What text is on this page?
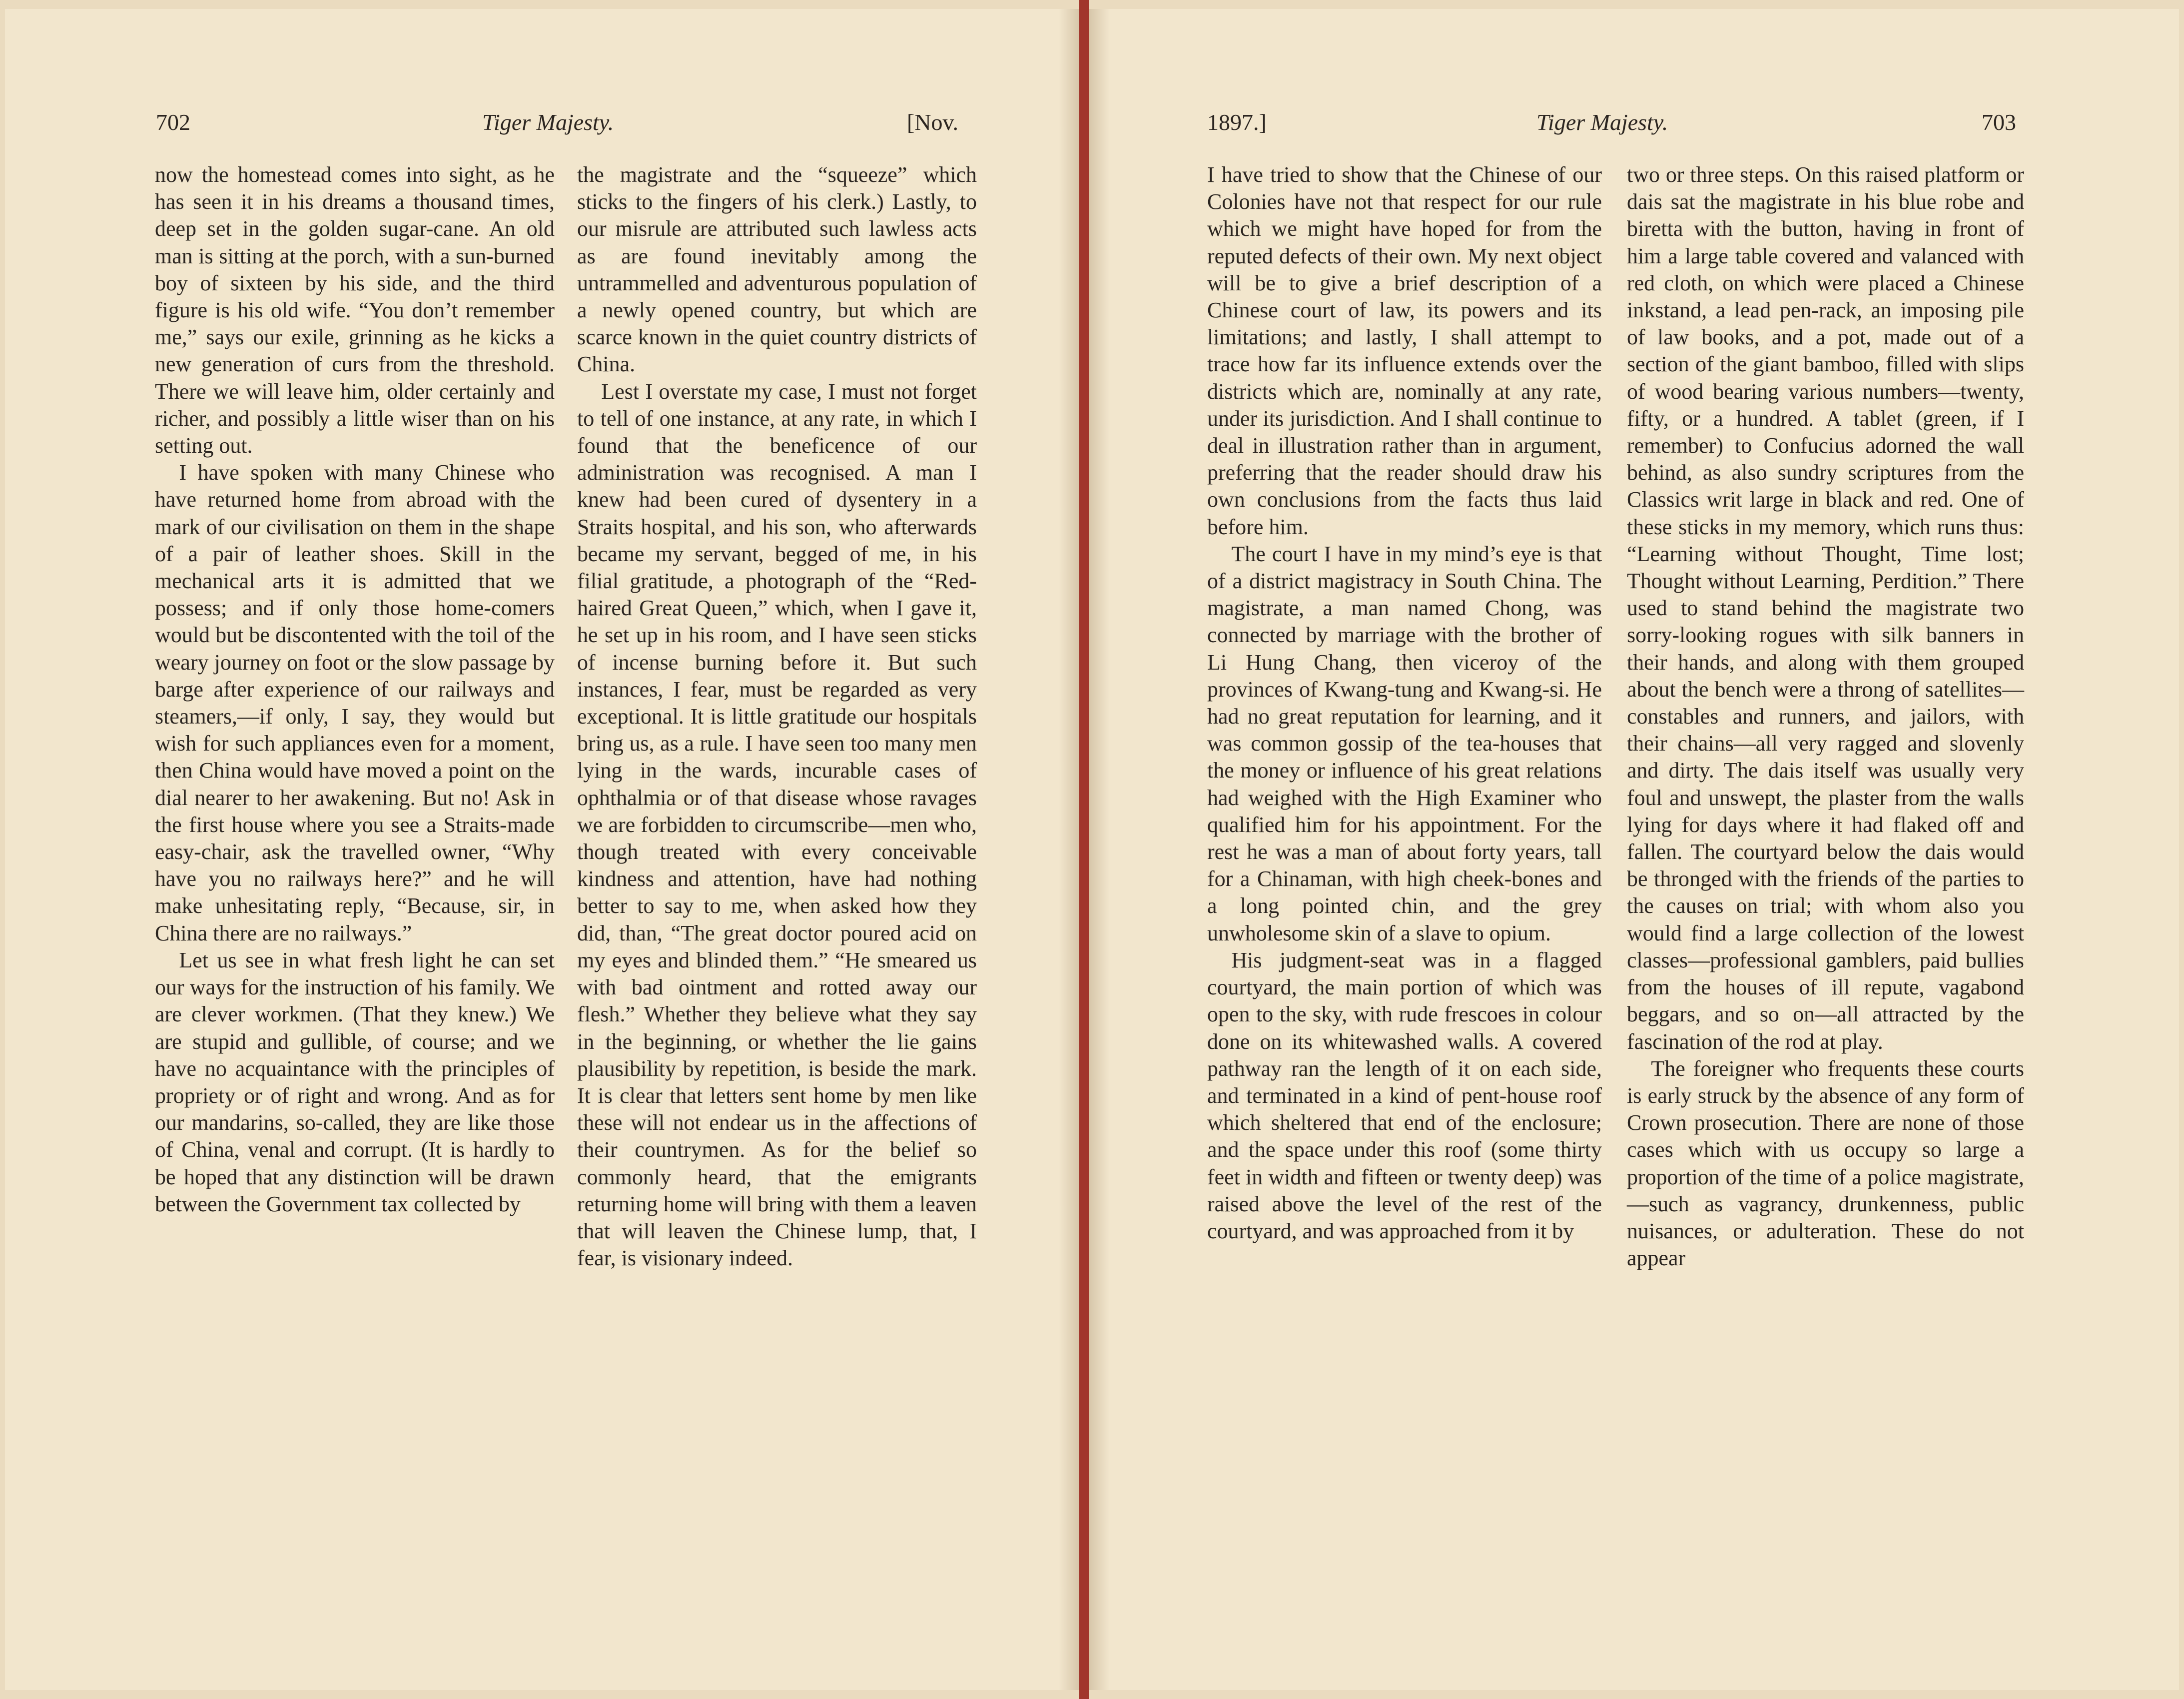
702	Tiger Majesty.	[Nov.

now the homestead comes into sight, as he has seen it in his dreams a thousand times, deep set in the golden sugar-cane. An old man is sitting at the porch, with a sun-burned boy of sixteen by his side, and the third figure is his old wife. “You don’t remember me,” says our exile, grinning as he kicks a new generation of curs from the threshold. There we will leave him, older certainly and richer, and possibly a little wiser than on his setting out.

I have spoken with many Chinese who have returned home from abroad with the mark of our civilisation on them in the shape of a pair of leather shoes. Skill in the mechanical arts it is admitted that we possess; and if only those home-comers would but be discontented with the toil of the weary journey on foot or the slow passage by barge after experience of our railways and steamers,—if only, I say, they would but wish for such appliances even for a moment, then China would have moved a point on the dial nearer to her awakening. But no! Ask in the first house where you see a Straits-made easy-chair, ask the travelled owner, “Why have you no railways here?” and he will make unhesitating reply, “Because, sir, in China there are no railways.”

Let us see in what fresh light he can set our ways for the instruction of his family. We are clever workmen. (That they knew.) We are stupid and gullible, of course; and we have no acquaintance with the principles of propriety or of right and wrong. And as for our mandarins, so-called, they are like those of China, venal and corrupt. (It is hardly to be hoped that any distinction will be drawn between the Government tax collected by

the magistrate and the “squeeze” which sticks to the fingers of his clerk.) Lastly, to our misrule are attributed such lawless acts as are found inevitably among the untrammelled and adventurous population of a newly opened country, but which are scarce known in the quiet country districts of China.

Lest I overstate my case, I must not forget to tell of one instance, at any rate, in which I found that the beneficence of our administration was recognised. A man I knew had been cured of dysentery in a Straits hospital, and his son, who afterwards became my servant, begged of me, in his filial gratitude, a photograph of the “Red-haired Great Queen,” which, when I gave it, he set up in his room, and I have seen sticks of incense burning before it. But such instances, I fear, must be regarded as very exceptional. It is little gratitude our hospitals bring us, as a rule. I have seen too many men lying in the wards, incurable cases of ophthalmia or of that disease whose ravages we are forbidden to circumscribe—men who, though treated with every conceivable kindness and attention, have had nothing better to say to me, when asked how they did, than, “The great doctor poured acid on my eyes and blinded them.” “He smeared us with bad ointment and rotted away our flesh.” Whether they believe what they say in the beginning, or whether the lie gains plausibility by repetition, is beside the mark. It is clear that letters sent home by men like these will not endear us in the affections of their countrymen. As for the belief so commonly heard, that the emigrants returning home will bring with them a leaven that will leaven the Chinese lump, that, I fear, is visionary indeed.

1897.]	Tiger Majesty.	703

I have tried to show that the Chinese of our Colonies have not that respect for our rule which we might have hoped for from the reputed defects of their own. My next object will be to give a brief description of a Chinese court of law, its powers and its limitations; and lastly, I shall attempt to trace how far its influence extends over the districts which are, nominally at any rate, under its jurisdiction. And I shall continue to deal in illustration rather than in argument, preferring that the reader should draw his own conclusions from the facts thus laid before him.

The court I have in my mind’s eye is that of a district magistracy in South China. The magistrate, a man named Chong, was connected by marriage with the brother of Li Hung Chang, then viceroy of the provinces of Kwang-tung and Kwang-si. He had no great reputation for learning, and it was common gossip of the tea-houses that the money or influence of his great relations had weighed with the High Examiner who qualified him for his appointment. For the rest he was a man of about forty years, tall for a Chinaman, with high cheek-bones and a long pointed chin, and the grey unwholesome skin of a slave to opium.

His judgment-seat was in a flagged courtyard, the main portion of which was open to the sky, with rude frescoes in colour done on its whitewashed walls. A covered pathway ran the length of it on each side, and terminated in a kind of pent-house roof which sheltered that end of the enclosure; and the space under this roof (some thirty feet in width and fifteen or twenty deep) was raised above the level of the rest of the courtyard, and was approached from it by

two or three steps. On this raised platform or dais sat the magistrate in his blue robe and biretta with the button, having in front of him a large table covered and valanced with red cloth, on which were placed a Chinese inkstand, a lead pen-rack, an imposing pile of law books, and a pot, made out of a section of the giant bamboo, filled with slips of wood bearing various numbers—twenty, fifty, or a hundred. A tablet (green, if I remember) to Confucius adorned the wall behind, as also sundry scriptures from the Classics writ large in black and red. One of these sticks in my memory, which runs thus: “Learning without Thought, Time lost; Thought without Learning, Perdition.” There used to stand behind the magistrate two sorry-looking rogues with silk banners in their hands, and along with them grouped about the bench were a throng of satellites—constables and runners, and jailors, with their chains—all very ragged and slovenly and dirty. The dais itself was usually very foul and unswept, the plaster from the walls lying for days where it had flaked off and fallen. The courtyard below the dais would be thronged with the friends of the parties to the causes on trial; with whom also you would find a large collection of the lowest classes—professional gamblers, paid bullies from the houses of ill repute, vagabond beggars, and so on—all attracted by the fascination of the rod at play.

The foreigner who frequents these courts is early struck by the absence of any form of Crown prosecution. There are none of those cases which with us occupy so large a proportion of the time of a police magistrate,—such as vagrancy, drunkenness, public nuisances, or adulteration. These do not appear
